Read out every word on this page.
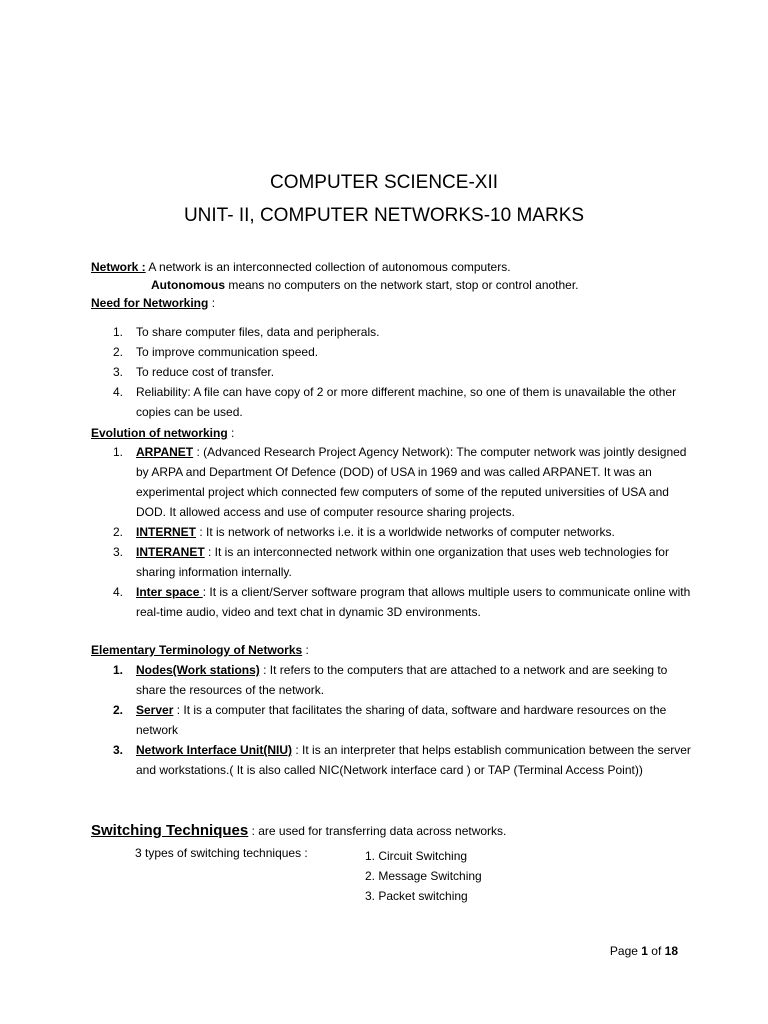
COMPUTER SCIENCE-XII
UNIT- II, COMPUTER NETWORKS-10 MARKS
Network : A network is an interconnected collection of autonomous computers.
Autonomous means no computers on the network start, stop or control another.
Need for Networking :
1. To share computer files, data and peripherals.
2. To improve communication speed.
3. To reduce cost of transfer.
4. Reliability: A file can have copy of 2 or more different machine, so one of them is unavailable the other copies can be used.
Evolution of networking :
1. ARPANET : (Advanced Research Project Agency Network): The computer network was jointly designed by ARPA and Department Of Defence (DOD) of USA in 1969 and was called ARPANET. It was an experimental project which connected few computers of some of the reputed universities of USA and DOD. It allowed access and use of computer resource sharing projects.
2. INTERNET : It is network of networks i.e. it is a worldwide networks of computer networks.
3. INTERANET : It is an interconnected network within one organization that uses web technologies for sharing information internally.
4. Inter space : It is a client/Server software program that allows multiple users to communicate online with real-time audio, video and text chat in dynamic 3D environments.
Elementary Terminology of Networks :
1. Nodes(Work stations) : It refers to the computers that are attached to a network and are seeking to share the resources of the network.
2. Server : It is a computer that facilitates the sharing of data, software and hardware resources on the network
3. Network Interface Unit(NIU) : It is an interpreter that helps establish communication between the server and workstations.( It is also called NIC(Network interface card ) or TAP (Terminal Access Point))
Switching Techniques : are used for transferring data across networks.
3 types of switching techniques :	1. Circuit Switching
2. Message Switching
3. Packet switching
Page 1 of 18
